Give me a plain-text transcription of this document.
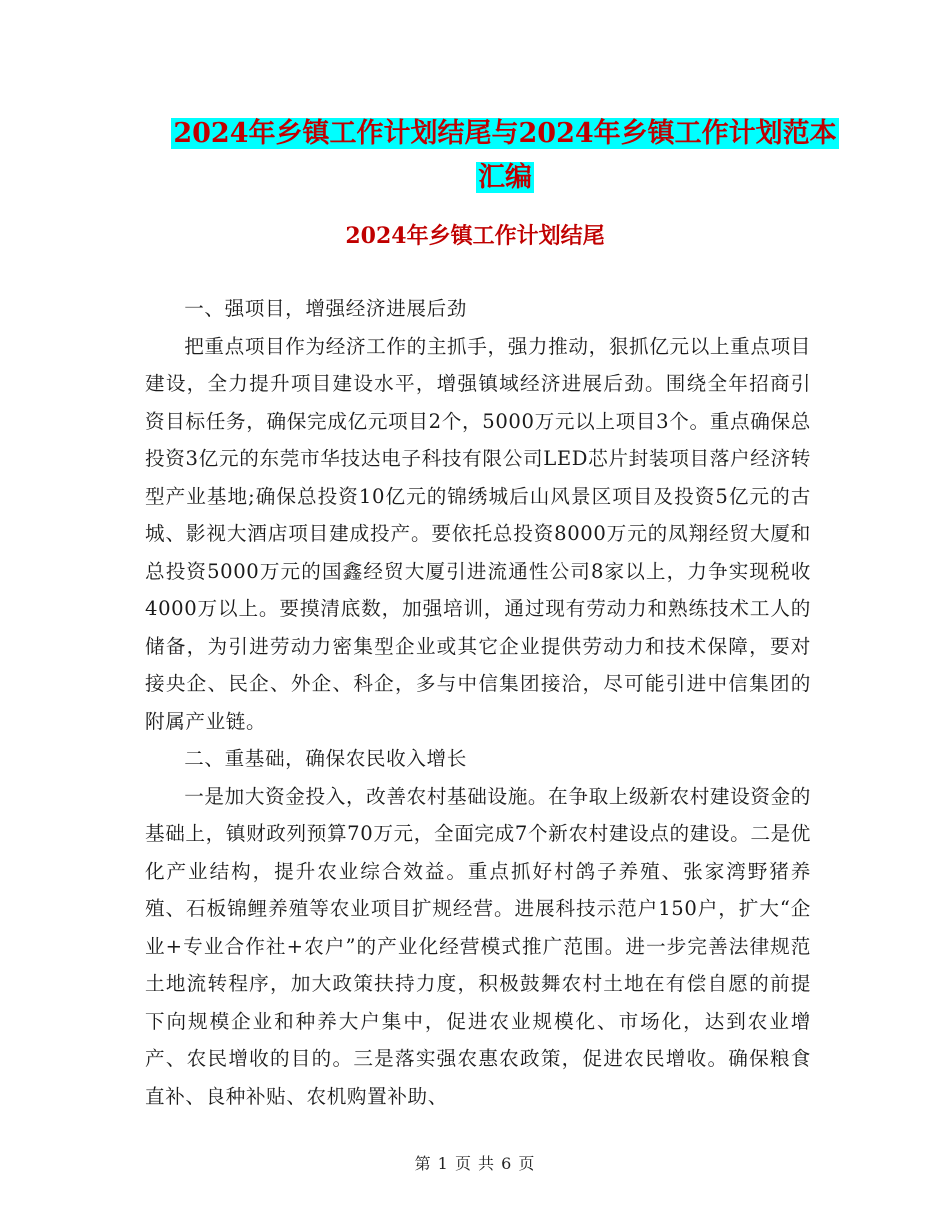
2024年乡镇工作计划结尾与2024年乡镇工作计划范本
汇编
2024年乡镇工作计划结尾

一、强项目，增强经济进展后劲

把重点项目作为经济工作的主抓手，强力推动，狠抓亿元以上重点项目建设，全力提升项目建设水平，增强镇域经济进展后劲。围绕全年招商引资目标任务，确保完成亿元项目2个，5000万元以上项目3个。重点确保总投资3亿元的东莞市华技达电子科技有限公司LED芯片封装项目落户经济转型产业基地;确保总投资10亿元的锦绣城后山风景区项目及投资5亿元的古城、影视大酒店项目建成投产。要依托总投资8000万元的凤翔经贸大厦和总投资5000万元的国鑫经贸大厦引进流通性公司8家以上，力争实现税收4000万以上。要摸清底数，加强培训，通过现有劳动力和熟练技术工人的储备，为引进劳动力密集型企业或其它企业提供劳动力和技术保障，要对接央企、民企、外企、科企，多与中信集团接洽，尽可能引进中信集团的附属产业链。

二、重基础，确保农民收入增长

一是加大资金投入，改善农村基础设施。在争取上级新农村建设资金的基础上，镇财政列预算70万元，全面完成7个新农村建设点的建设。二是优化产业结构，提升农业综合效益。重点抓好村鸽子养殖、张家湾野猪养殖、石板锦鲤养殖等农业项目扩规经营。进展科技示范户150户，扩大“企业+专业合作社+农户”的产业化经营模式推广范围。进一步完善法律规范土地流转程序，加大政策扶持力度，积极鼓舞农村土地在有偿自愿的前提下向规模企业和种养大户集中，促进农业规模化、市场化，达到农业增产、农民增收的目的。三是落实强农惠农政策，促进农民增收。确保粮食直补、良种补贴、农机购置补助、

第 1 页 共 6 页
